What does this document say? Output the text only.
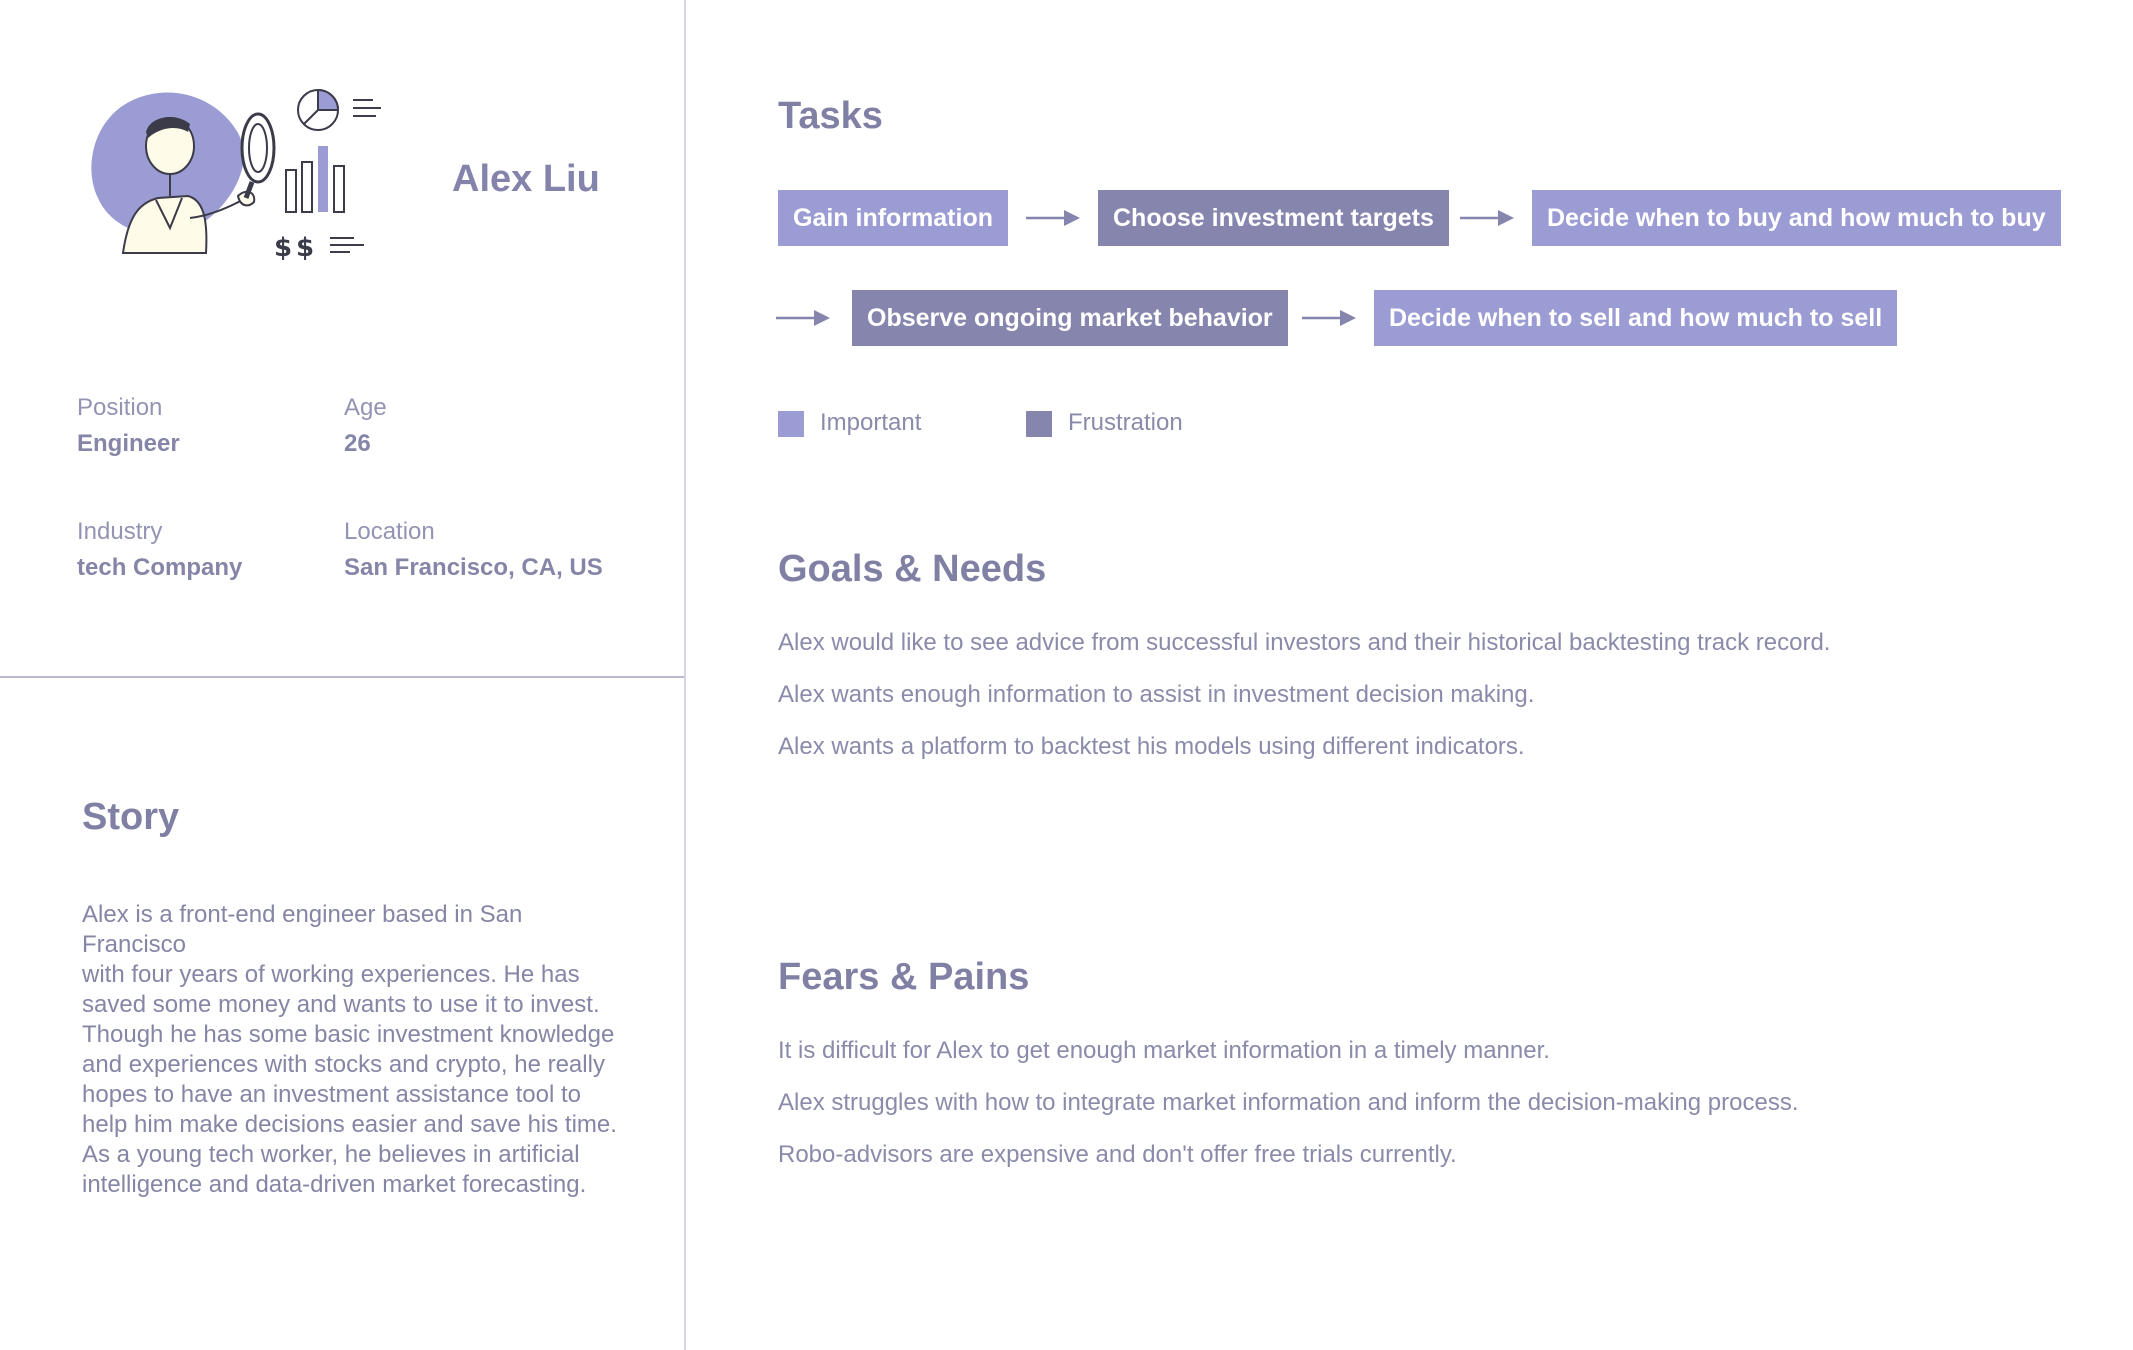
$ $
Alex Liu
Position
Engineer
Age
26
Industry
tech Company
Location
San Francisco, CA, US
Story
Alex is a front-end engineer based in San Francisco
with four years of working experiences. He has
saved some money and wants to use it to invest.
Though he has some basic investment knowledge
and experiences with stocks and crypto, he really
hopes to have an investment assistance tool to
help him make decisions easier and save his time.
As a young tech worker, he believes in artificial
intelligence and data-driven market forecasting.
Tasks
Gain information	Choose investment targets	Decide when to buy and how much to buy
Observe ongoing market behavior	Decide when to sell and how much to sell
Important	Frustration
Goals & Needs
Alex would like to see advice from successful investors and their historical backtesting track record.
Alex wants enough information to assist in investment decision making.
Alex wants a platform to backtest his models using different indicators.
Fears & Pains
It is difficult for Alex to get enough market information in a timely manner.
Alex struggles with how to integrate market information and inform the decision-making process.
Robo-advisors are expensive and don't offer free trials currently.
